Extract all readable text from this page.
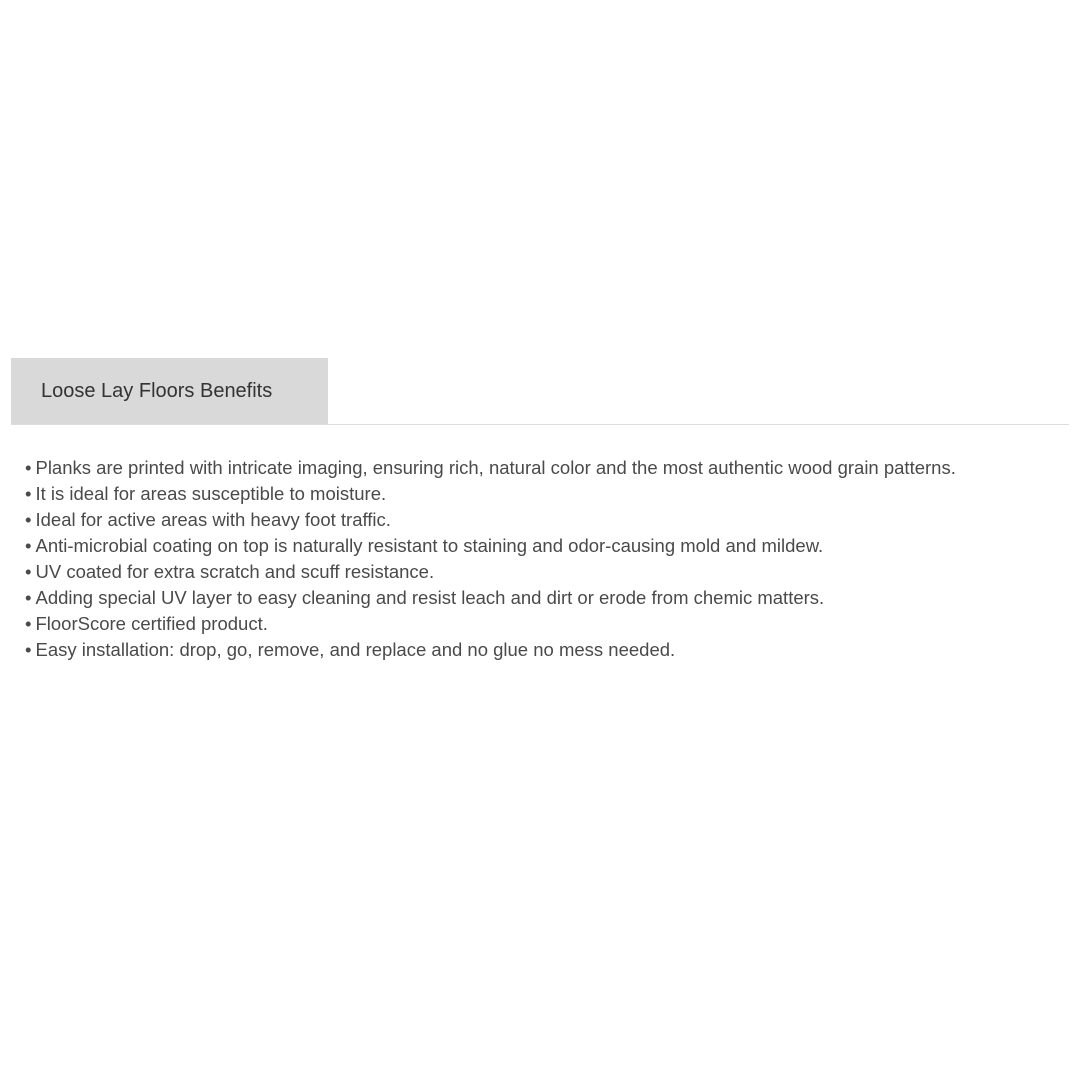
Loose Lay Floors Benefits
• Planks are printed with intricate imaging, ensuring rich, natural color and the most authentic wood grain patterns.
• It is ideal for areas susceptible to moisture.
• Ideal for active areas with heavy foot traffic.
• Anti-microbial coating on top is naturally resistant to staining and odor-causing mold and mildew.
• UV coated for extra scratch and scuff resistance.
• Adding special UV layer to easy cleaning and resist leach and dirt or erode from chemic matters.
• FloorScore certified product.
• Easy installation: drop, go, remove, and replace and no glue no mess needed.
